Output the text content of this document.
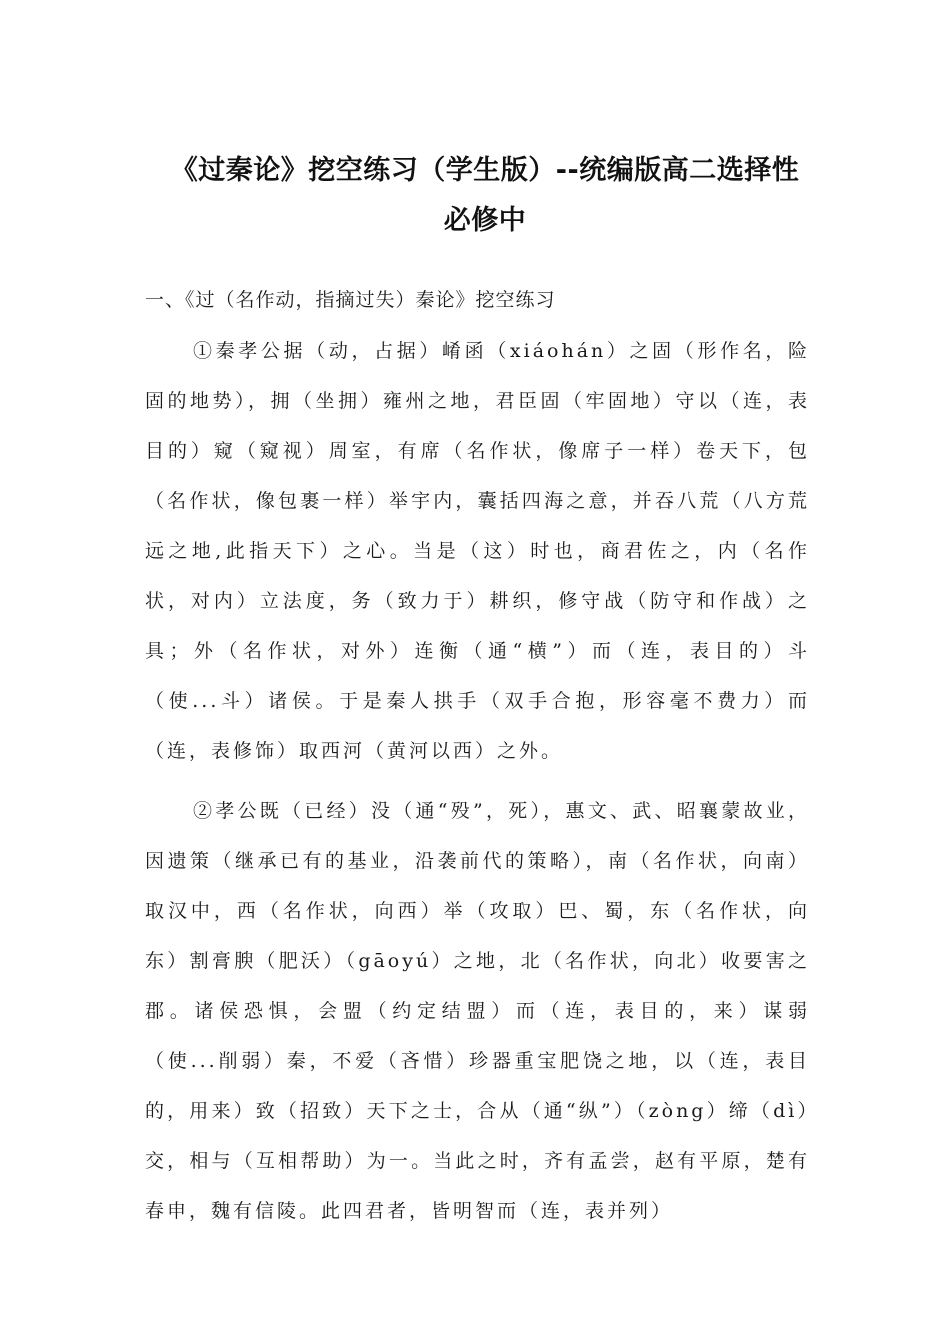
《过秦论》挖空练习（学生版）--统编版高二选择性
必修中

一、《过（名作动，指摘过失）秦论》挖空练习

①秦孝公据（动，占据）崤函（xiáohán）之固（形作名，险固的地势），拥（坐拥）雍州之地，君臣固（牢固地）守以（连，表目的）窥（窥视）周室，有席（名作状，像席子一样）卷天下，包（名作状，像包裹一样）举宇内，囊括四海之意，并吞八荒（八方荒远之地,此指天下）之心。当是（这）时也，商君佐之，内（名作状，对内）立法度，务（致力于）耕织，修守战（防守和作战）之具；外（名作状，对外）连衡（通“横”）而（连，表目的）斗（使...斗）诸侯。于是秦人拱手（双手合抱，形容毫不费力）而（连，表修饰）取西河（黄河以西）之外。

②孝公既（已经）没（通“殁”，死），惠文、武、昭襄蒙故业，因遗策（继承已有的基业，沿袭前代的策略），南（名作状，向南）取汉中，西（名作状，向西）举（攻取）巴、蜀，东（名作状，向东）割膏腴（肥沃）（gāoyú）之地，北（名作状，向北）收要害之郡。诸侯恐惧，会盟（约定结盟）而（连，表目的，来）谋弱（使...削弱）秦，不爱（吝惜）珍器重宝肥饶之地，以（连，表目的，用来）致（招致）天下之士，合从（通“纵”）（zòng）缔（dì）交，相与（互相帮助）为一。当此之时，齐有孟尝，赵有平原，楚有春申，魏有信陵。此四君者，皆明智而（连，表并列）
